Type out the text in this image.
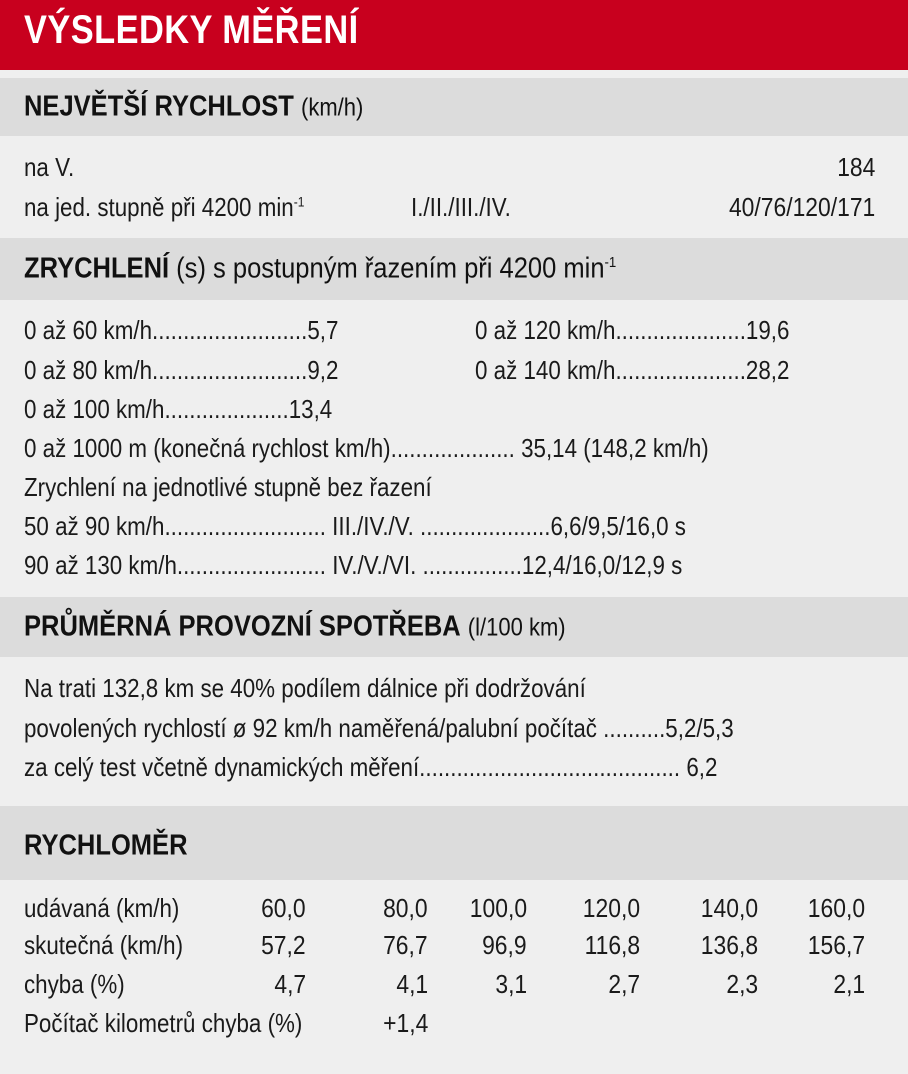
VÝSLEDKY MĚŘENÍ
NEJVĚTŠÍ RYCHLOST (km/h)
na V.	184
na jed. stupně při 4200 $\min^{-1}$	I./II./III./IV.	40/76/120/171
ZRYCHLENÍ (s) s postupným řazením při 4200 $\min^{-1}$
0 až 60 km/h.........................5,7	0 až 120 km/h.....................19,6
0 až 80 km/h.........................9,2	0 až 140 km/h.....................28,2
0 až 100 km/h....................13,4
0 až 1000 m (konečná rychlost km/h).................... 35,14 (148,2 km/h)
Zrychlení na jednotlivé stupně bez řazení
50 až 90 km/h.......................... III./IV./V. .....................6,6/9,5/16,0 s
90 až 130 km/h........................ IV./V./VI. ................12,4/16,0/12,9 s
PRŮMĚRNÁ PROVOZNÍ SPOTŘEBA (l/100 km)
Na trati 132,8 km se 40% podílem dálnice při dodržování
povolených rychlostí ø 92 km/h naměřená/palubní počítač ..........5,2/5,3
za celý test včetně dynamických měření.......................................... 6,2
RYCHLOMĚR
udávaná (km/h)	60,0	80,0 100,0 120,0 140,0 160,0
skutečná (km/h)	57,2	76,7 96,9 116,8 136,8 156,7
chyba (%)	4,7	4,1	3,1	2,7	2,3	2,1
Počítač kilometrů chyba (%)	+1,4
